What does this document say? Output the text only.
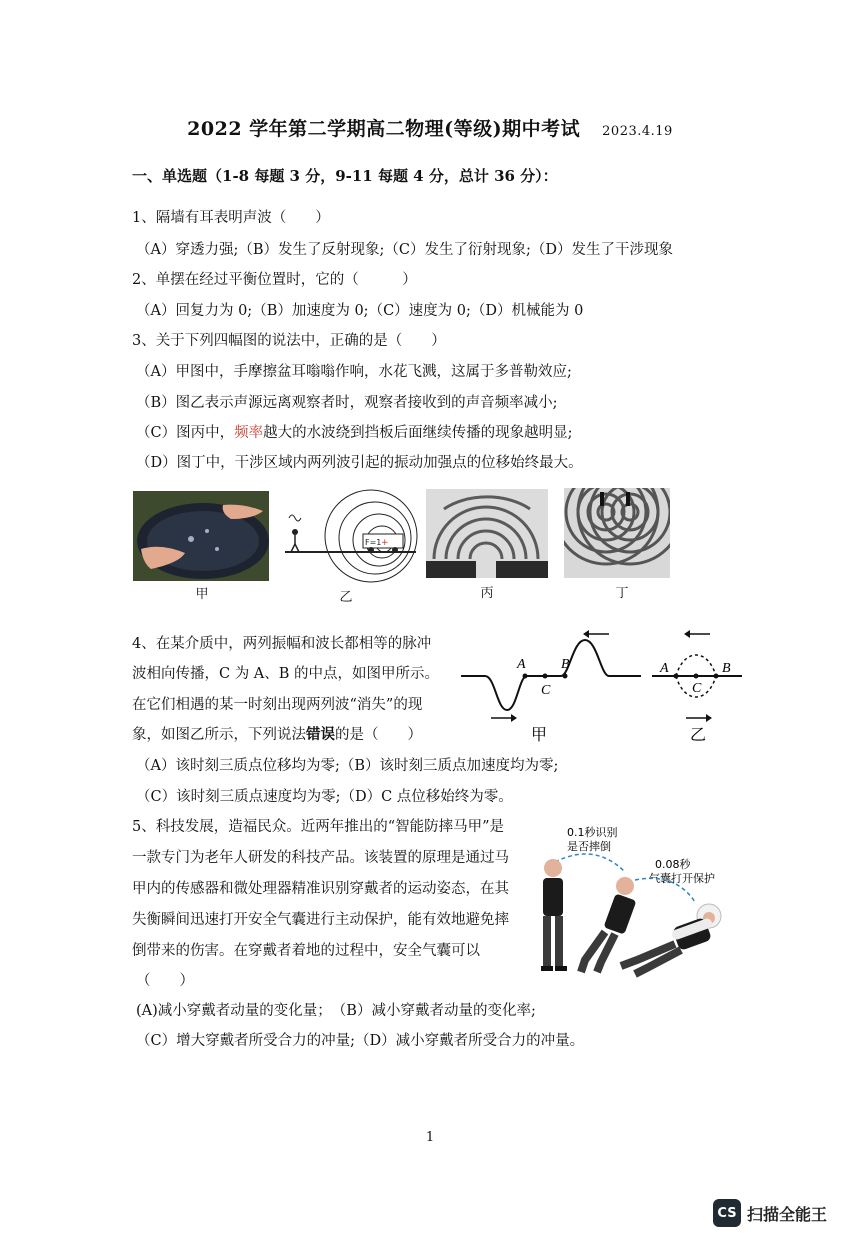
2022 学年第二学期高二物理(等级)期中考试 2023.4.19
一、单选题（1-8 每题 3 分，9-11 每题 4 分，总计 36 分）：
1、隔墙有耳表明声波（　　）
（A）穿透力强;（B）发生了反射现象;（C）发生了衍射现象;（D）发生了干涉现象
2、单摆在经过平衡位置时，它的（　　　）
（A）回复力为 0;（B）加速度为 0;（C）速度为 0;（D）机械能为 0
3、关于下列四幅图的说法中，正确的是（　　）
（A）甲图中，手摩擦盆耳嗡嗡作响，水花飞溅，这属于多普勒效应;
（B）图乙表示声源远离观察者时，观察者接收到的声音频率减小;
（C）图丙中，频率越大的水波绕到挡板后面继续传播的现象越明显;
（D）图丁中，干涉区域内两列波引起的振动加强点的位移始终最大。
甲
F=1 +
乙	丙	丁
4、在某介质中，两列振幅和波长都相等的脉冲
波相向传播，C 为 A、B 的中点，如图甲所示。
在它们相遇的某一时刻出现两列波“消失”的现
象，如图乙所示，下列说法错误的是（　　）
（A）该时刻三质点位移均为零;（B）该时刻三质点加速度均为零;
（C）该时刻三质点速度均为零;（D）C 点位移始终为零。
A
C
B
甲
A
C
B
乙
5、科技发展，造福民众。近两年推出的“智能防摔马甲”是
一款专门为老年人研发的科技产品。该装置的原理是通过马
甲内的传感器和微处理器精准识别穿戴者的运动姿态，在其
失衡瞬间迅速打开安全气囊进行主动保护，能有效地避免摔
倒带来的伤害。在穿戴者着地的过程中，安全气囊可以
（　　）
(A)减小穿戴者动量的变化量；　（B）减小穿戴者动量的变化率;
（C）增大穿戴者所受合力的冲量;（D）减小穿戴者所受合力的冲量。
0.1秒识别
是否摔倒
0.08秒
气囊打开保护
1
CS 扫描全能王
